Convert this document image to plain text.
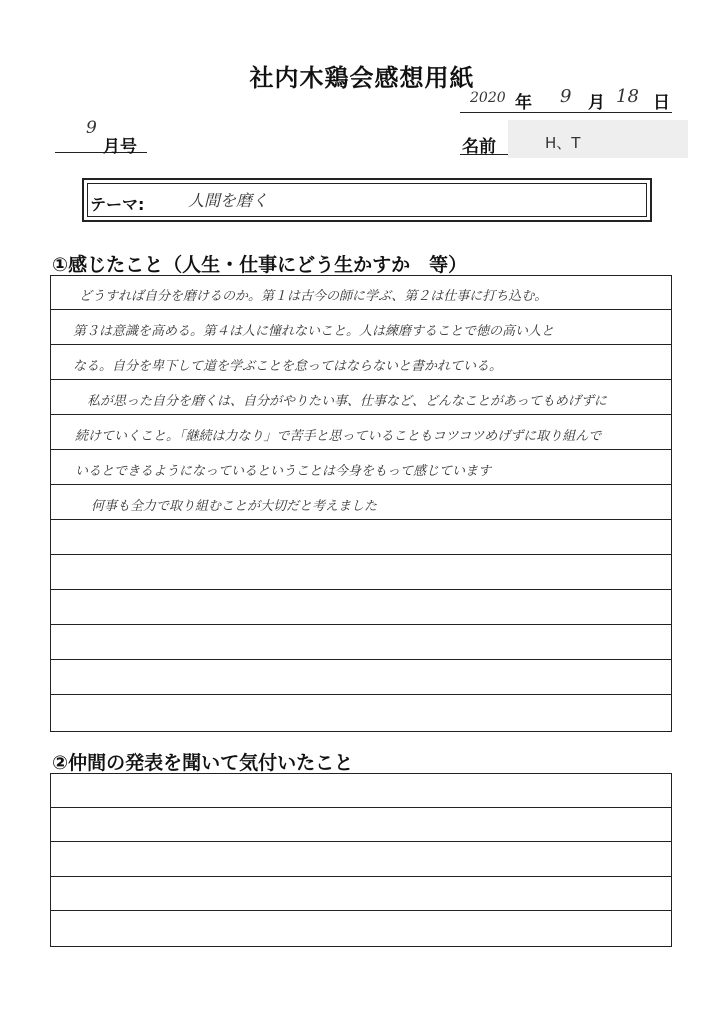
社内木鶏会感想用紙
2020 年 9 月 18 日
9
月号	名前	H、T
テーマ:	人間を磨く
①感じたこと（人生・仕事にどう生かすか　等）
どうすれば自分を磨けるのか。第１は古今の師に学ぶ、第２は仕事に打ち込む。
第３は意識を高める。第４は人に憧れないこと。人は練磨することで徳の高い人と
なる。自分を卑下して道を学ぶことを怠ってはならないと書かれている。
私が思った自分を磨くは、自分がやりたい事、仕事など、どんなことがあってもめげずに
続けていくこと。「継続は力なり」で苦手と思っていることもコツコツめげずに取り組んで
いるとできるようになっているということは今身をもって感じています
何事も全力で取り組むことが大切だと考えました
②仲間の発表を聞いて気付いたこと
